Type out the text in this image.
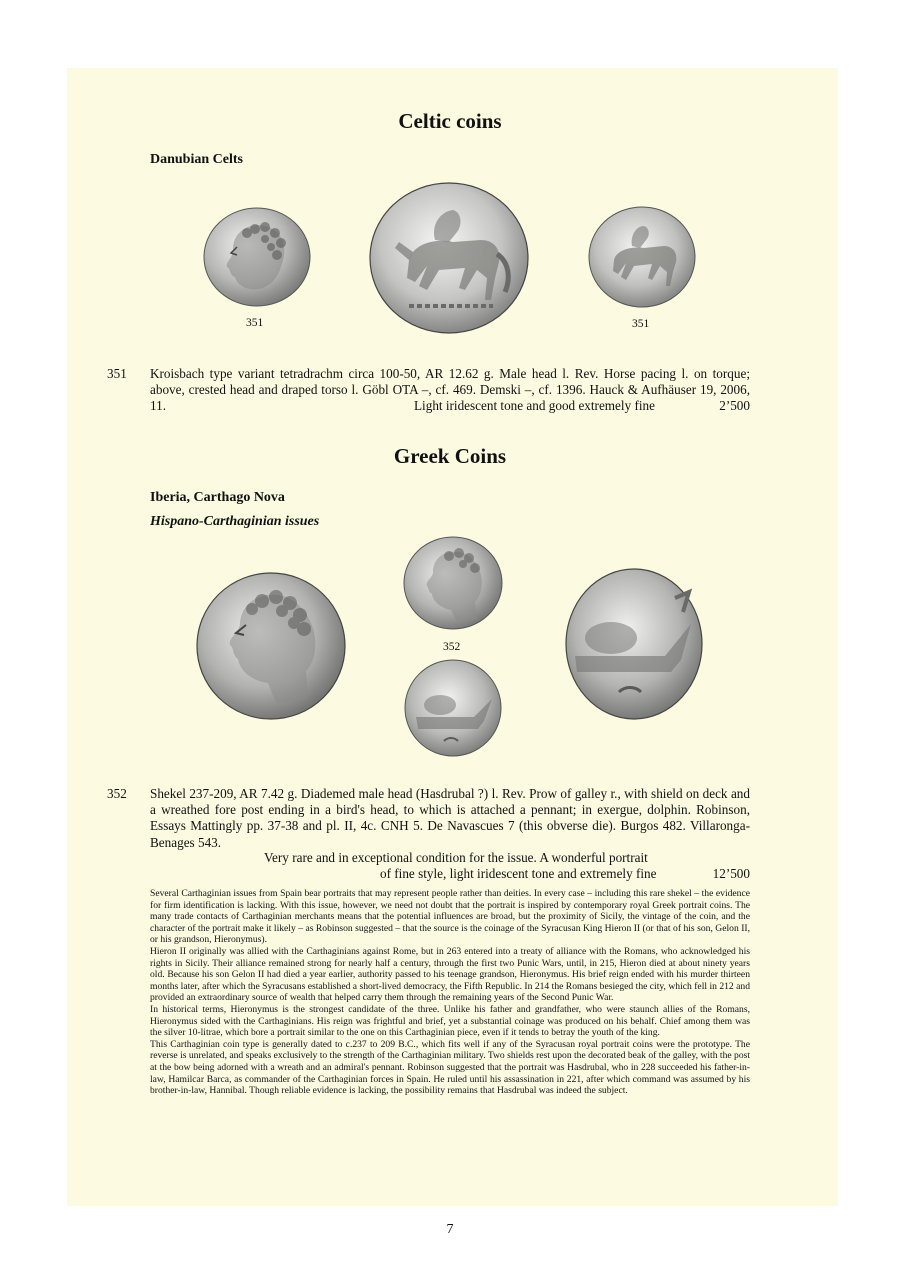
Celtic coins
Danubian Celts
351	351
351 Kroisbach type variant tetradrachm circa 100-50, AR 12.62 g. Male head l. Rev. Horse pacing l. on torque; above, crested head and draped torso l. Göbl OTA –, cf. 469. Demski –, cf. 1396. Hauck & Aufhäuser 19, 2006, 11.	Light iridescent tone and good extremely fine	2’500
Greek Coins
Iberia, Carthago Nova
Hispano-Carthaginian issues
352
352 Shekel 237-209, AR 7.42 g. Diademed male head (Hasdrubal ?) l. Rev. Prow of galley r., with shield on deck and a wreathed fore post ending in a bird's head, to which is attached a pennant; in exergue, dolphin. Robinson, Essays Mattingly pp. 37-38 and pl. II, 4c. CNH 5. De Navascues 7 (this obverse die). Burgos 482. Villaronga-Benages 543.

Very rare and in exceptional condition for the issue. A wonderful portrait
of fine style, light iridescent tone and extremely fine	12’500

Several Carthaginian issues from Spain bear portraits that may represent people rather than deities. In every case – including this rare shekel – the evidence for firm identification is lacking. With this issue, however, we need not doubt that the portrait is inspired by contemporary royal Greek portrait coins. The many trade contacts of Carthaginian merchants means that the potential influences are broad, but the proximity of Sicily, the vintage of the coin, and the character of the portrait make it likely – as Robinson suggested – that the source is the coinage of the Syracusan King Hieron II (or that of his son, Gelon II, or his grandson, Hieronymus).

Hieron II originally was allied with the Carthaginians against Rome, but in 263 entered into a treaty of alliance with the Romans, who acknowledged his rights in Sicily. Their alliance remained strong for nearly half a century, through the first two Punic Wars, until, in 215, Hieron died at about ninety years old. Because his son Gelon II had died a year earlier, authority passed to his teenage grandson, Hieronymus. His brief reign ended with his murder thirteen months later, after which the Syracusans established a short-lived democracy, the Fifth Republic. In 214 the Romans besieged the city, which fell in 212 and provided an extraordinary source of wealth that helped carry them through the remaining years of the Second Punic War.

In historical terms, Hieronymus is the strongest candidate of the three. Unlike his father and grandfather, who were staunch allies of the Romans, Hieronymus sided with the Carthaginians. His reign was frightful and brief, yet a substantial coinage was produced on his behalf. Chief among them was the silver 10-litrae, which bore a portrait similar to the one on this Carthaginian piece, even if it tends to betray the youth of the king.

This Carthaginian coin type is generally dated to c.237 to 209 B.C., which fits well if any of the Syracusan royal portrait coins were the prototype. The reverse is unrelated, and speaks exclusively to the strength of the Carthaginian military. Two shields rest upon the decorated beak of the galley, with the post at the bow being adorned with a wreath and an admiral's pennant. Robinson suggested that the portrait was Hasdrubal, who in 228 succeeded his father-in-law, Hamilcar Barca, as commander of the Carthaginian forces in Spain. He ruled until his assassination in 221, after which command was assumed by his brother-in-law, Hannibal. Though reliable evidence is lacking, the possibility remains that Hasdrubal was indeed the subject.

7
